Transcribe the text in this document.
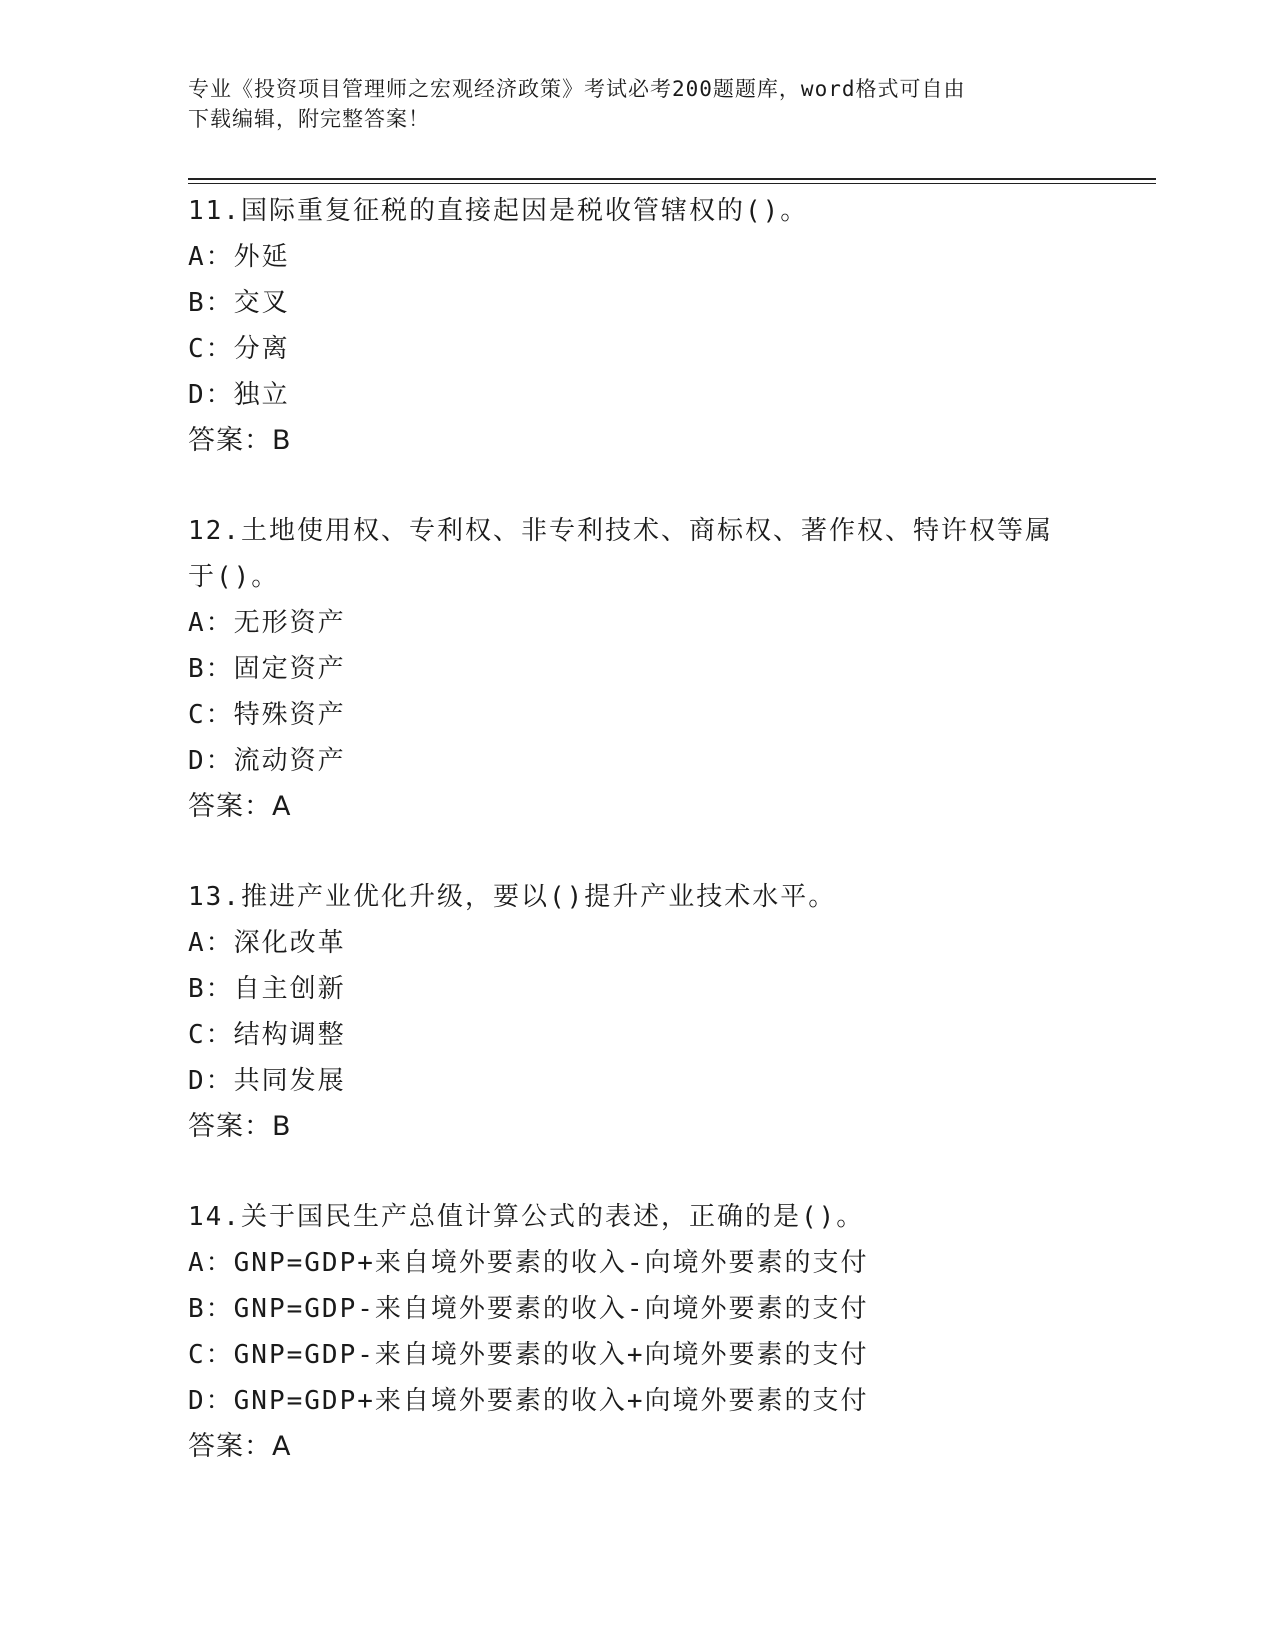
专业《投资项目管理师之宏观经济政策》考试必考200题题库，word格式可自由
下载编辑，附完整答案！
11.国际重复征税的直接起因是税收管辖权的()。
A：外延
B：交叉
C：分离
D：独立
答案：B
12.土地使用权、专利权、非专利技术、商标权、著作权、特许权等属
于()。
A：无形资产
B：固定资产
C：特殊资产
D：流动资产
答案：A
13.推进产业优化升级，要以()提升产业技术水平。
A：深化改革
B：自主创新
C：结构调整
D：共同发展
答案：B
14.关于国民生产总值计算公式的表述，正确的是()。
A：GNP=GDP+来自境外要素的收入-向境外要素的支付
B：GNP=GDP-来自境外要素的收入-向境外要素的支付
C：GNP=GDP-来自境外要素的收入+向境外要素的支付
D：GNP=GDP+来自境外要素的收入+向境外要素的支付
答案：A
